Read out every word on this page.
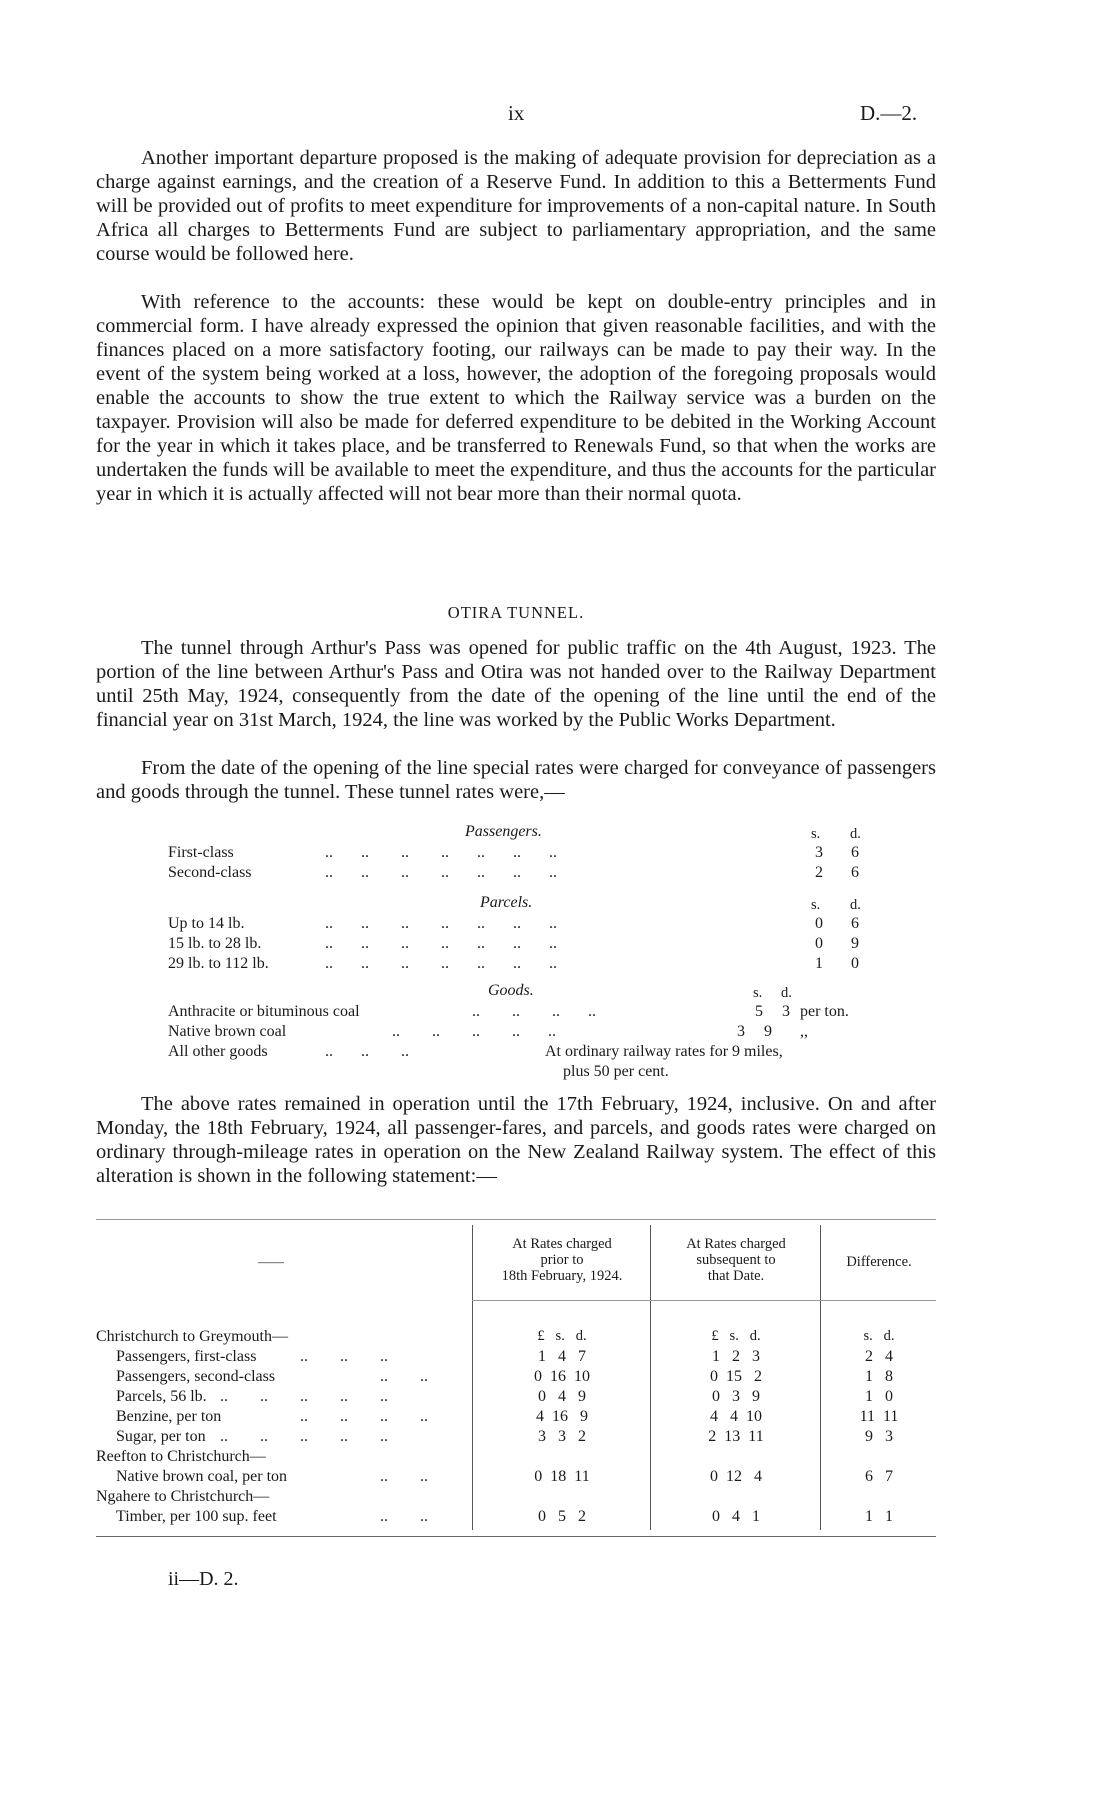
ix	D.—2.

Another important departure proposed is the making of adequate provision for depreciation as a charge against earnings, and the creation of a Reserve Fund. In addition to this a Betterments Fund will be provided out of profits to meet expenditure for improvements of a non-capital nature. In South Africa all charges to Betterments Fund are subject to parliamentary appropriation, and the same course would be followed here.

With reference to the accounts: these would be kept on double-entry principles and in commercial form. I have already expressed the opinion that given reasonable facilities, and with the finances placed on a more satisfactory footing, our railways can be made to pay their way. In the event of the system being worked at a loss, however, the adoption of the foregoing proposals would enable the accounts to show the true extent to which the Railway service was a burden on the taxpayer. Provision will also be made for deferred expenditure to be debited in the Working Account for the year in which it takes place, and be transferred to Renewals Fund, so that when the works are undertaken the funds will be available to meet the expenditure, and thus the accounts for the particular year in which it is actually affected will not bear more than their normal quota.

OTIRA TUNNEL.

The tunnel through Arthur's Pass was opened for public traffic on the 4th August, 1923. The portion of the line between Arthur's Pass and Otira was not handed over to the Railway Department until 25th May, 1924, consequently from the date of the opening of the line until the end of the financial year on 31st March, 1924, the line was worked by the Public Works Department.

From the date of the opening of the line special rates were charged for conveyance of passengers and goods through the tunnel. These tunnel rates were,—

Passengers.	s. d.
First-class	..       ..        ..        ..       ..       ..       ..	3 6
Second-class	..       ..        ..        ..       ..       ..       ..	2 6
Parcels.	s. d.
Up to 14 lb.	..       ..        ..        ..       ..       ..       ..	0 6
15 lb. to 28 lb.	..       ..        ..        ..       ..       ..       ..	0 9
29 lb. to 112 lb.	..       ..        ..        ..       ..       ..       ..	1 0
Goods.	s. d.
Anthracite or bituminous coal	..        ..        ..       ..	5 3 per ton.
Native brown coal	..        ..        ..        ..       ..	3 9 ,,
All other goods	..       ..        ..	At ordinary railway rates for 9 miles,
plus 50 per cent.

The above rates remained in operation until the 17th February, 1924, inclusive. On and after Monday, the 18th February, 1924, all passenger-fares, and parcels, and goods rates were charged on ordinary through-mileage rates in operation on the New Zealand Railway system. The effect of this alteration is shown in the following statement:—

——
At Rates charged
prior to
18th February, 1924.
At Rates charged
subsequent to
that Date.
Difference.
£   s.   d.	£   s.   d.	s.   d.
Christchurch to Greymouth—
Passengers, first-class	..        ..        ..	1   4   7	1   2   3	2   4
Passengers, second-class	..        ..	0  16  10	0  15   2	1   8
Parcels, 56 lb. ..        ..        ..        ..        ..	0   4   9	0   3   9	1   0
Benzine, per ton	..        ..        ..        ..	4  16   9	4   4  10	11  11
Sugar, per ton ..        ..        ..        ..        ..	3   3   2	2  13  11	9   3
Reefton to Christchurch—
Native brown coal, per ton	..        ..	0  18  11	0  12   4	6   7
Ngahere to Christchurch—
Timber, per 100 sup. feet	..        ..	0   5   2	0   4   1	1   1
ii—D. 2.
